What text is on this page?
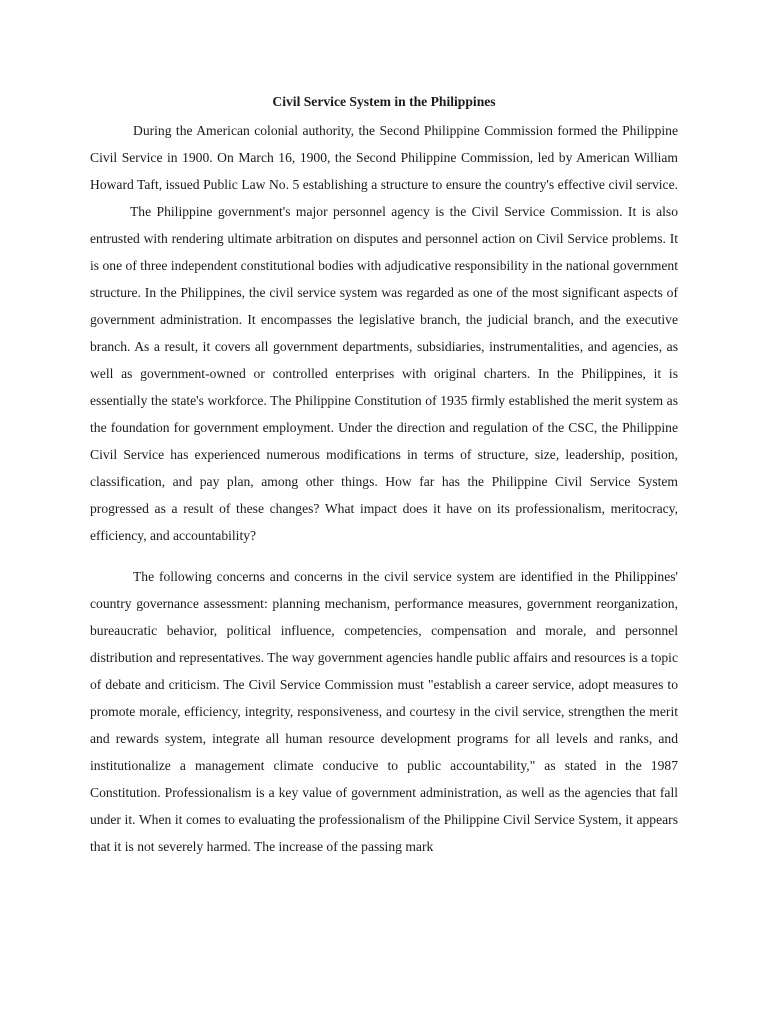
Civil Service System in the Philippines

During the American colonial authority, the Second Philippine Commission formed the Philippine Civil Service in 1900. On March 16, 1900, the Second Philippine Commission, led by American William Howard Taft, issued Public Law No. 5 establishing a structure to ensure the country's effective civil service.The Philippine government's major personnel agency is the Civil Service Commission. It is also entrusted with rendering ultimate arbitration on disputes and personnel action on Civil Service problems. It is one of three independent constitutional bodies with adjudicative responsibility in the national government structure. In the Philippines, the civil service system was regarded as one of the most significant aspects of government administration. It encompasses the legislative branch, the judicial branch, and the executive branch. As a result, it covers all government departments, subsidiaries, instrumentalities, and agencies, as well as government-owned or controlled enterprises with original charters. In the Philippines, it is essentially the state's workforce. The Philippine Constitution of 1935 firmly established the merit system as the foundation for government employment. Under the direction and regulation of the CSC, the Philippine Civil Service has experienced numerous modifications in terms of structure, size, leadership, position, classification, and pay plan, among other things. How far has the Philippine Civil Service System progressed as a result of these changes? What impact does it have on its professionalism, meritocracy, efficiency, and accountability?

The following concerns and concerns in the civil service system are identified in the Philippines' country governance assessment: planning mechanism, performance measures, government reorganization, bureaucratic behavior, political influence, competencies, compensation and morale, and personnel distribution and representatives. The way government agencies handle public affairs and resources is a topic of debate and criticism. The Civil Service Commission must "establish a career service, adopt measures to promote morale, efficiency, integrity, responsiveness, and courtesy in the civil service, strengthen the merit and rewards system, integrate all human resource development programs for all levels and ranks, and institutionalize a management climate conducive to public accountability," as stated in the 1987 Constitution. Professionalism is a key value of government administration, as well as the agencies that fall under it. When it comes to evaluating the professionalism of the Philippine Civil Service System, it appears that it is not severely harmed. The increase of the passing mark
